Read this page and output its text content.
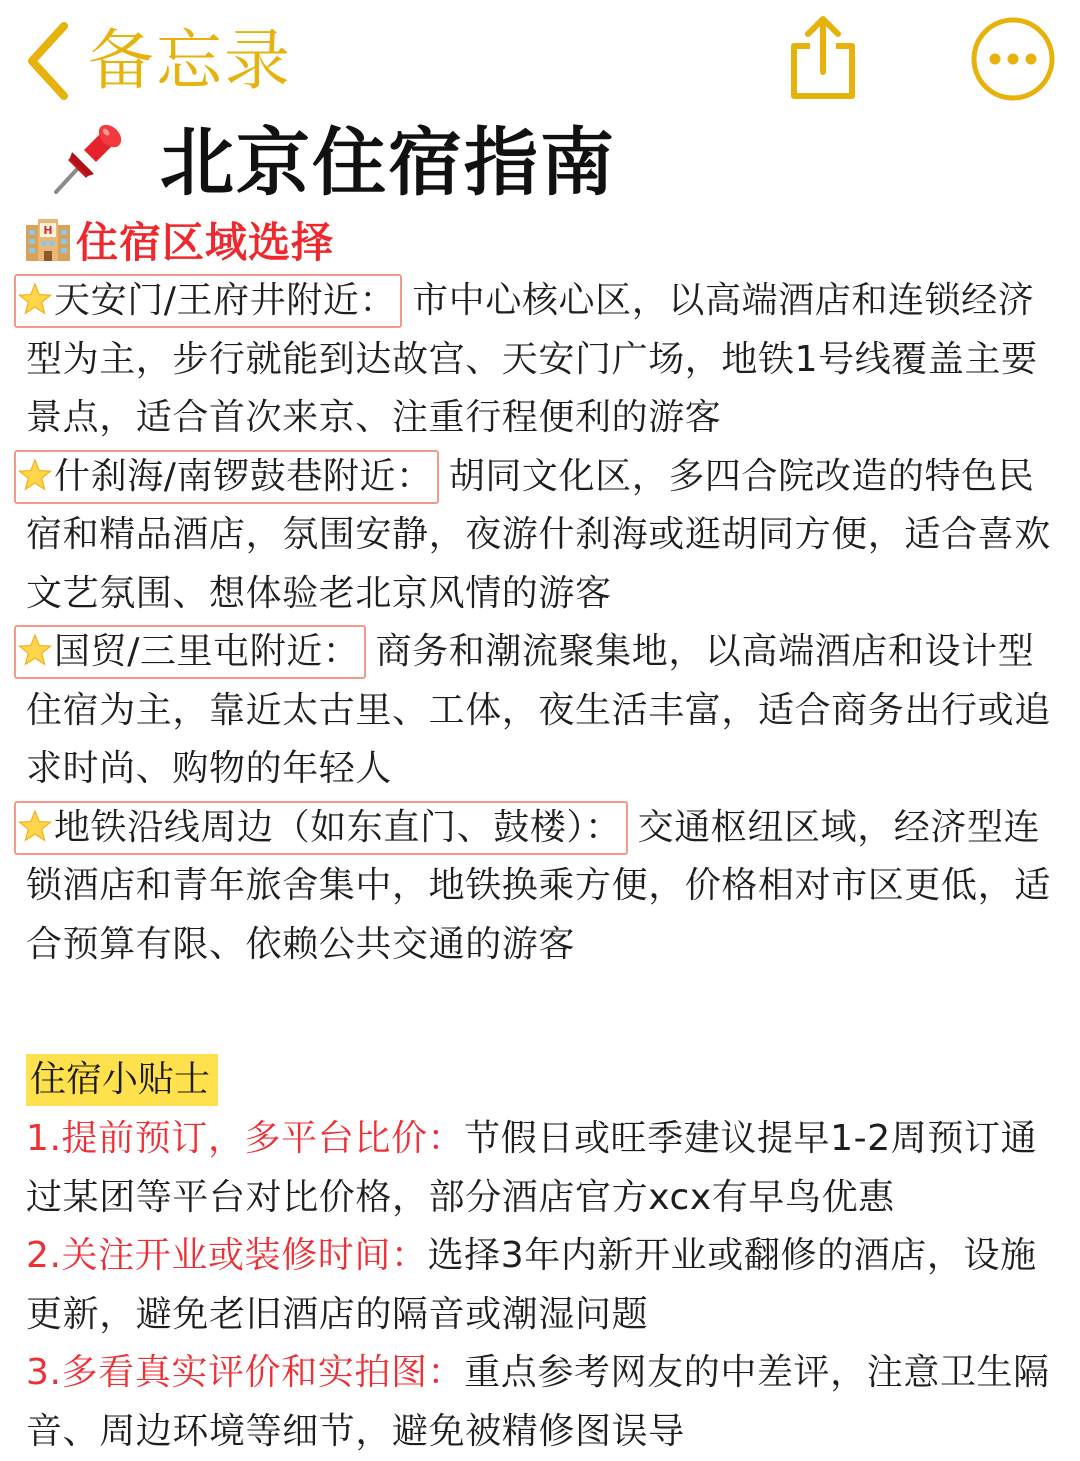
备忘录
北京住宿指南
H 住宿区域选择

天安门/王府井附近： 市中心核心区，以高端酒店和连锁经济型为主，步行就能到达故宫、天安门广场，地铁1号线覆盖主要景点，适合首次来京、注重行程便利的游客

什刹海/南锣鼓巷附近： 胡同文化区，多四合院改造的特色民宿和精品酒店，氛围安静，夜游什刹海或逛胡同方便，适合喜欢文艺氛围、想体验老北京风情的游客

国贸/三里屯附近： 商务和潮流聚集地，以高端酒店和设计型住宿为主，靠近太古里、工体，夜生活丰富，适合商务出行或追求时尚、购物的年轻人

地铁沿线周边（如东直门、鼓楼）： 交通枢纽区域，经济型连锁酒店和青年旅舍集中，地铁换乘方便，价格相对市区更低，适合预算有限、依赖公共交通的游客

住宿小贴士

1.提前预订，多平台比价：节假日或旺季建议提早1-2周预订通过某团等平台对比价格，部分酒店官方xcx有早鸟优惠

2.关注开业或装修时间：选择3年内新开业或翻修的酒店，设施更新，避免老旧酒店的隔音或潮湿问题

3.多看真实评价和实拍图：重点参考网友的中差评，注意卫生隔音、周边环境等细节，避免被精修图误导
